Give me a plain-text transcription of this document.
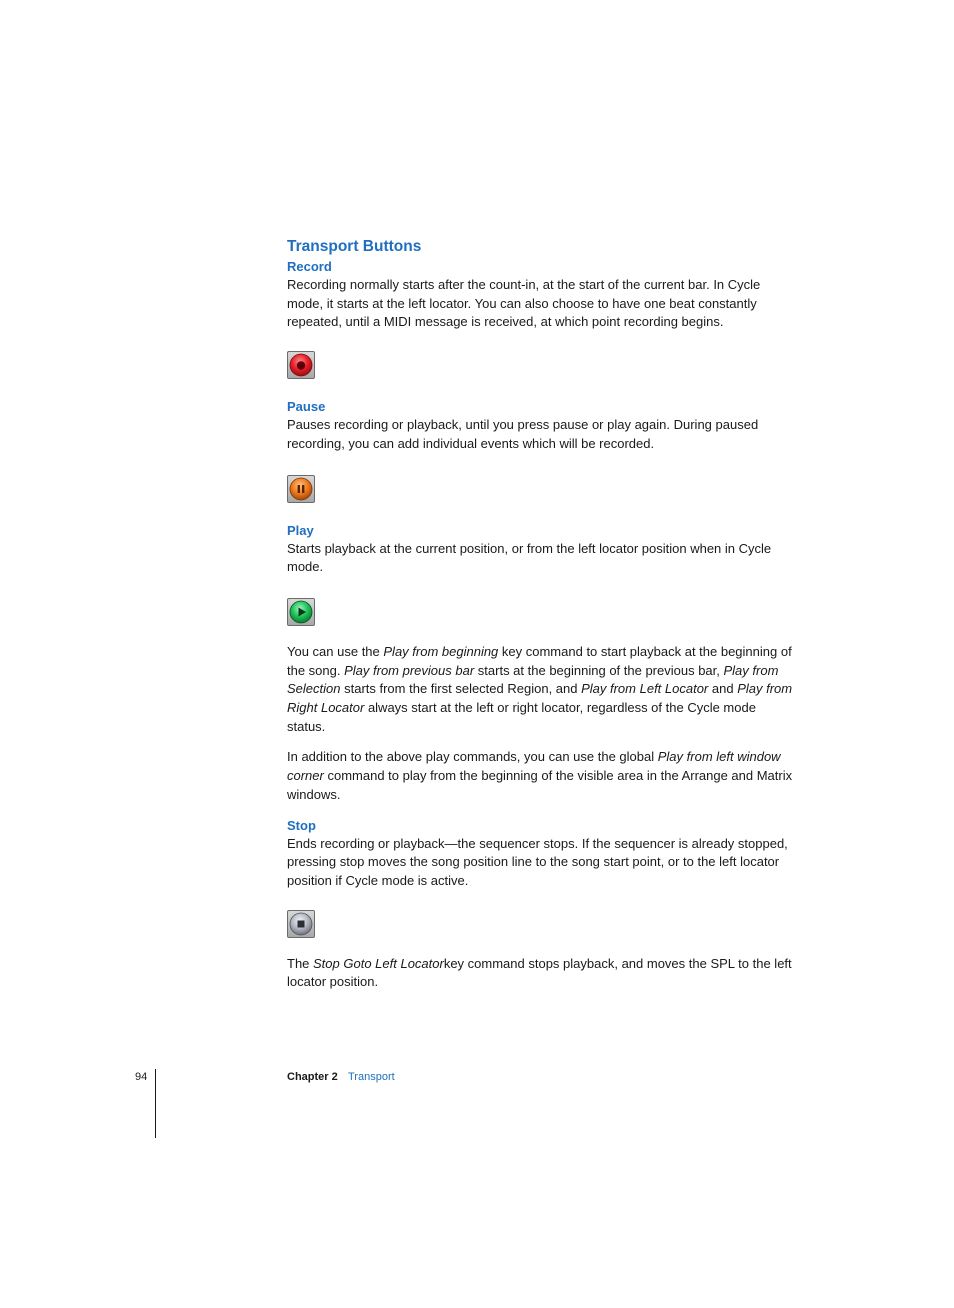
Transport Buttons
Record

Recording normally starts after the count-in, at the start of the current bar. In Cycle mode, it starts at the left locator. You can also choose to have one beat constantly repeated, until a MIDI message is received, at which point recording begins.

Pause

Pauses recording or playback, until you press pause or play again. During paused recording, you can add individual events which will be recorded.

Play

Starts playback at the current position, or from the left locator position when in Cycle mode.

You can use the Play from beginning key command to start playback at the beginning of the song. Play from previous bar starts at the beginning of the previous bar, Play from Selection starts from the first selected Region, and Play from Left Locator and Play from Right Locator always start at the left or right locator, regardless of the Cycle mode status.

In addition to the above play commands, you can use the global Play from left window corner command to play from the beginning of the visible area in the Arrange and Matrix windows.

Stop

Ends recording or playback—the sequencer stops. If the sequencer is already stopped, pressing stop moves the song position line to the song start point, or to the left locator position if Cycle mode is active.

The Stop Goto Left Locatorkey command stops playback, and moves the SPL to the left locator position.

94	Chapter 2 Transport
